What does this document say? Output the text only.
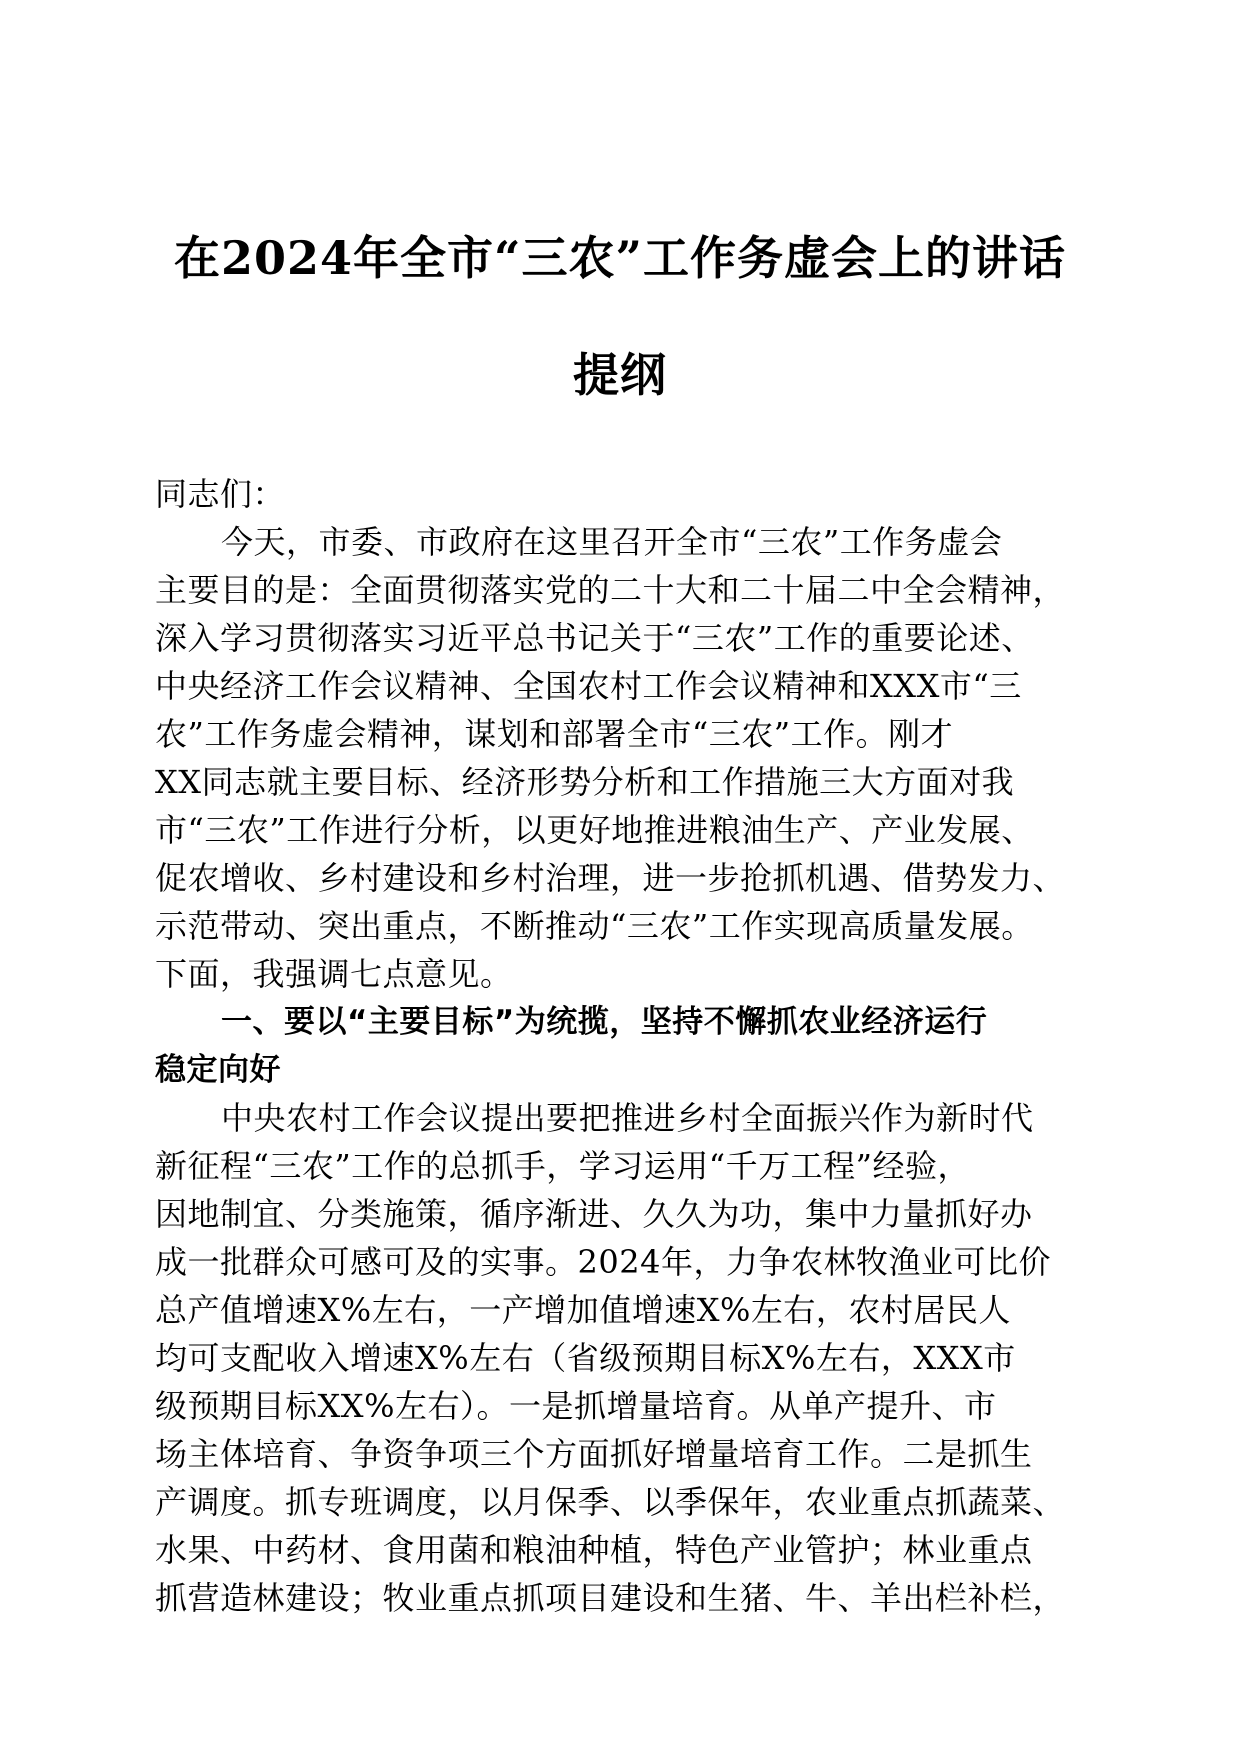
在2024年全市“三农”工作务虚会上的讲话
提纲
同志们：
今天，市委、市政府在这里召开全市“三农”工作务虚会
主要目的是：全面贯彻落实党的二十大和二十届二中全会精神，
深入学习贯彻落实习近平总书记关于“三农”工作的重要论述、
中央经济工作会议精神、全国农村工作会议精神和XXX市“三
农”工作务虚会精神，谋划和部署全市“三农”工作。刚才
XX同志就主要目标、经济形势分析和工作措施三大方面对我
市“三农”工作进行分析，以更好地推进粮油生产、产业发展、
促农增收、乡村建设和乡村治理，进一步抢抓机遇、借势发力、
示范带动、突出重点，不断推动“三农”工作实现高质量发展。
下面，我强调七点意见。
一、要以“主要目标”为统揽，坚持不懈抓农业经济运行
稳定向好
中央农村工作会议提出要把推进乡村全面振兴作为新时代
新征程“三农”工作的总抓手，学习运用“千万工程”经验，
因地制宜、分类施策，循序渐进、久久为功，集中力量抓好办
成一批群众可感可及的实事。2024年，力争农林牧渔业可比价
总产值增速X%左右，一产增加值增速X%左右，农村居民人
均可支配收入增速X%左右（省级预期目标X%左右，XXX市
级预期目标XX%左右）。一是抓增量培育。从单产提升、市
场主体培育、争资争项三个方面抓好增量培育工作。二是抓生
产调度。抓专班调度，以月保季、以季保年，农业重点抓蔬菜、
水果、中药材、食用菌和粮油种植，特色产业管护；林业重点
抓营造林建设；牧业重点抓项目建设和生猪、牛、羊出栏补栏，
